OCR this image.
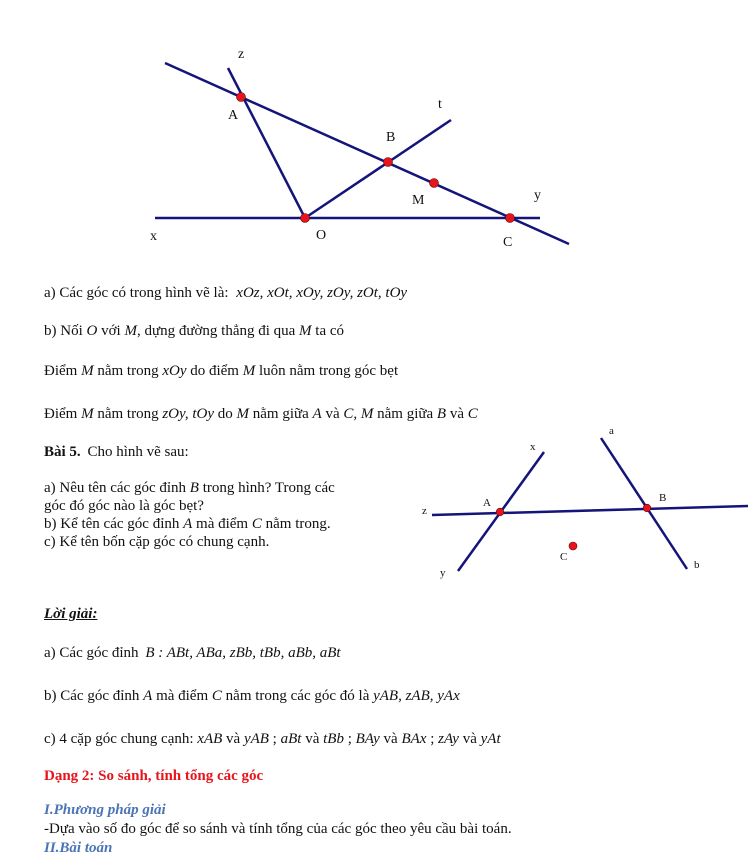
z
t
A
B
M	y
x	O	C
a) Các góc có trong hình vẽ là: xOz, xOt, xOy, zOy, zOt, tOy
b) Nối O với M, dựng đường thẳng đi qua M ta có
Điểm M nằm trong xOy do điểm M luôn nằm trong góc bẹt
Điểm M nằm trong zOy, tOy do M nằm giữa A và C, M nằm giữa B và C
Bài 5. Cho hình vẽ sau:
a) Nêu tên các góc đỉnh B trong hình? Trong các
góc đó góc nào là góc bẹt?
b) Kể tên các góc đỉnh A mà điểm C nằm trong.
c) Kể tên bốn cặp góc có chung cạnh.
a
x
A	B
z
C
y
b
Lời giải:
a) Các góc đỉnh B : ABt, ABa, zBb, tBb, aBb, aBt
b) Các góc đỉnh A mà điểm C nằm trong các góc đó là yAB, zAB, yAx
c) 4 cặp góc chung cạnh: xAB và yAB ; aBt và tBb ; BAy và BAx ; zAy và yAt
Dạng 2: So sánh, tính tổng các góc
I.Phương pháp giải
-Dựa vào số đo góc để so sánh và tính tổng của các góc theo yêu cầu bài toán.
II.Bài toán
